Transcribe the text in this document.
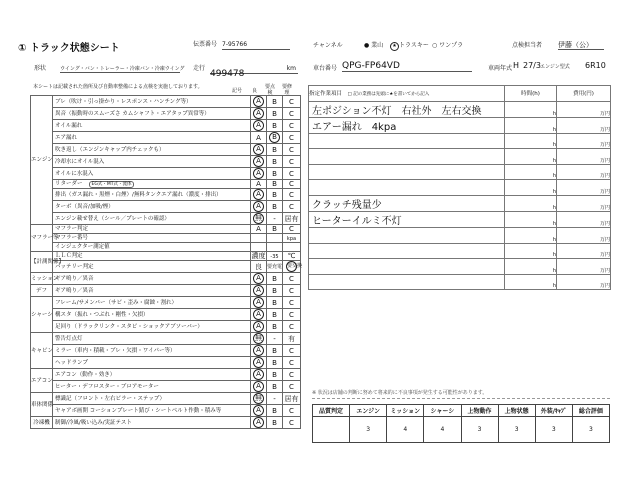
① トラック状態シート	伝票番号 7-95766	チャンネル	● 業山	★ トラスキー ○ ワンプラ	点検担当者 伊藤（公）
形状	ウイング・バン・トレーラー・冷凍バン・冷凍ウイング 走行
499478
km	車台番号 QPG-FP64VD	車両年式 H 27/3 エンジン型式 6R10
本シートは記載された箇所及び自動車整備による点検を実施しております。
記号 良
要点検
要修理
エンジン	ブレ（吹け・引っ掛かり・レスポンス・ハンチング等）	A	B	C
	異音（振動時のスムーズさ カムシャフト・エアタップ異常等）	A	B	C
	オイル漏れ	A	B	C
	エア漏れ	A	B	C
	吹き返し（エンジンキャップ内チェックも）	A	B	C
	冷却水にオイル混入	A	B	C
	オイルに水混入	A	B	C
	リターダー EG式・MT式・流体	A	B	C
	排出（ガス漏れ・黒煙・白煙）/無料タンクエア漏れ（濃度・排出）	A	B	C
	ターボ（異音/加吸/煙）	A	B	C
	エンジン載せ替え（シール／プレートの確認）	無	-	居有
マフラー等	マフラー判定	A	B	C
	マフラー番号			kpa
	インジェクター測定値			
【計測関係】	ＬＬＣ判定	濃度	-35	℃
	バッテリー判定	良	要充電	要交換
ミッション	ギア鳴り／異音	A	B	C
デフ	ギア鳴り／異音	A	B	C
シャーシ	フレーム/サメンバー（サビ・歪み・腐蝕・割れ）	A	B	C
	構スタ（振れ・つぶれ・剛性・欠損）	A	B	C
	足回り（ドラックリンク・スタビ・ショックアブソーバー）	A	B	C
キャビン	警告灯点灯	無	-	有
	ミラー（車内・積載・ブレ・欠損・ワイパー等）	A	B	C
	ヘッドランプ	A	B	C
エアコン	エアコン（動作・効き）	A	B	C
	ヒーター・デフロスター・ブロアモーター	A	B	C
車体関係	標識記（フロント・左右ビラー・ステップ）	無	-	居有
	ヤャアボ画開 コーションプレート錆び・シートベルト作動・積み等	A	B	C
冷凍機	制御/冷風/吸い込み/実証テスト	A	B	C
指定作業項目　 □ 記の業務は先頭に★を書いてから記入	時間(h)	費用(円)
左ポジション不灯　右社外　左右交換	h	万円
エアー漏れ　4kpa	h	万円
	h	万円
	h	万円
	h	万円
	h	万円
クラッチ残量少	h	万円
ヒーターイルミ不灯	h	万円
	h	万円
	h	万円
	h	万円
	h	万円
※ 状況は店舗の判断に努めて将来的に不良事項が発生する可能性があります。
品質判定	エンジン	ミッション	シャーシ	上物動作	上物状態	外装/ｷｬﾌﾞ	総合評価
	3	4	4	3	3	3	3
